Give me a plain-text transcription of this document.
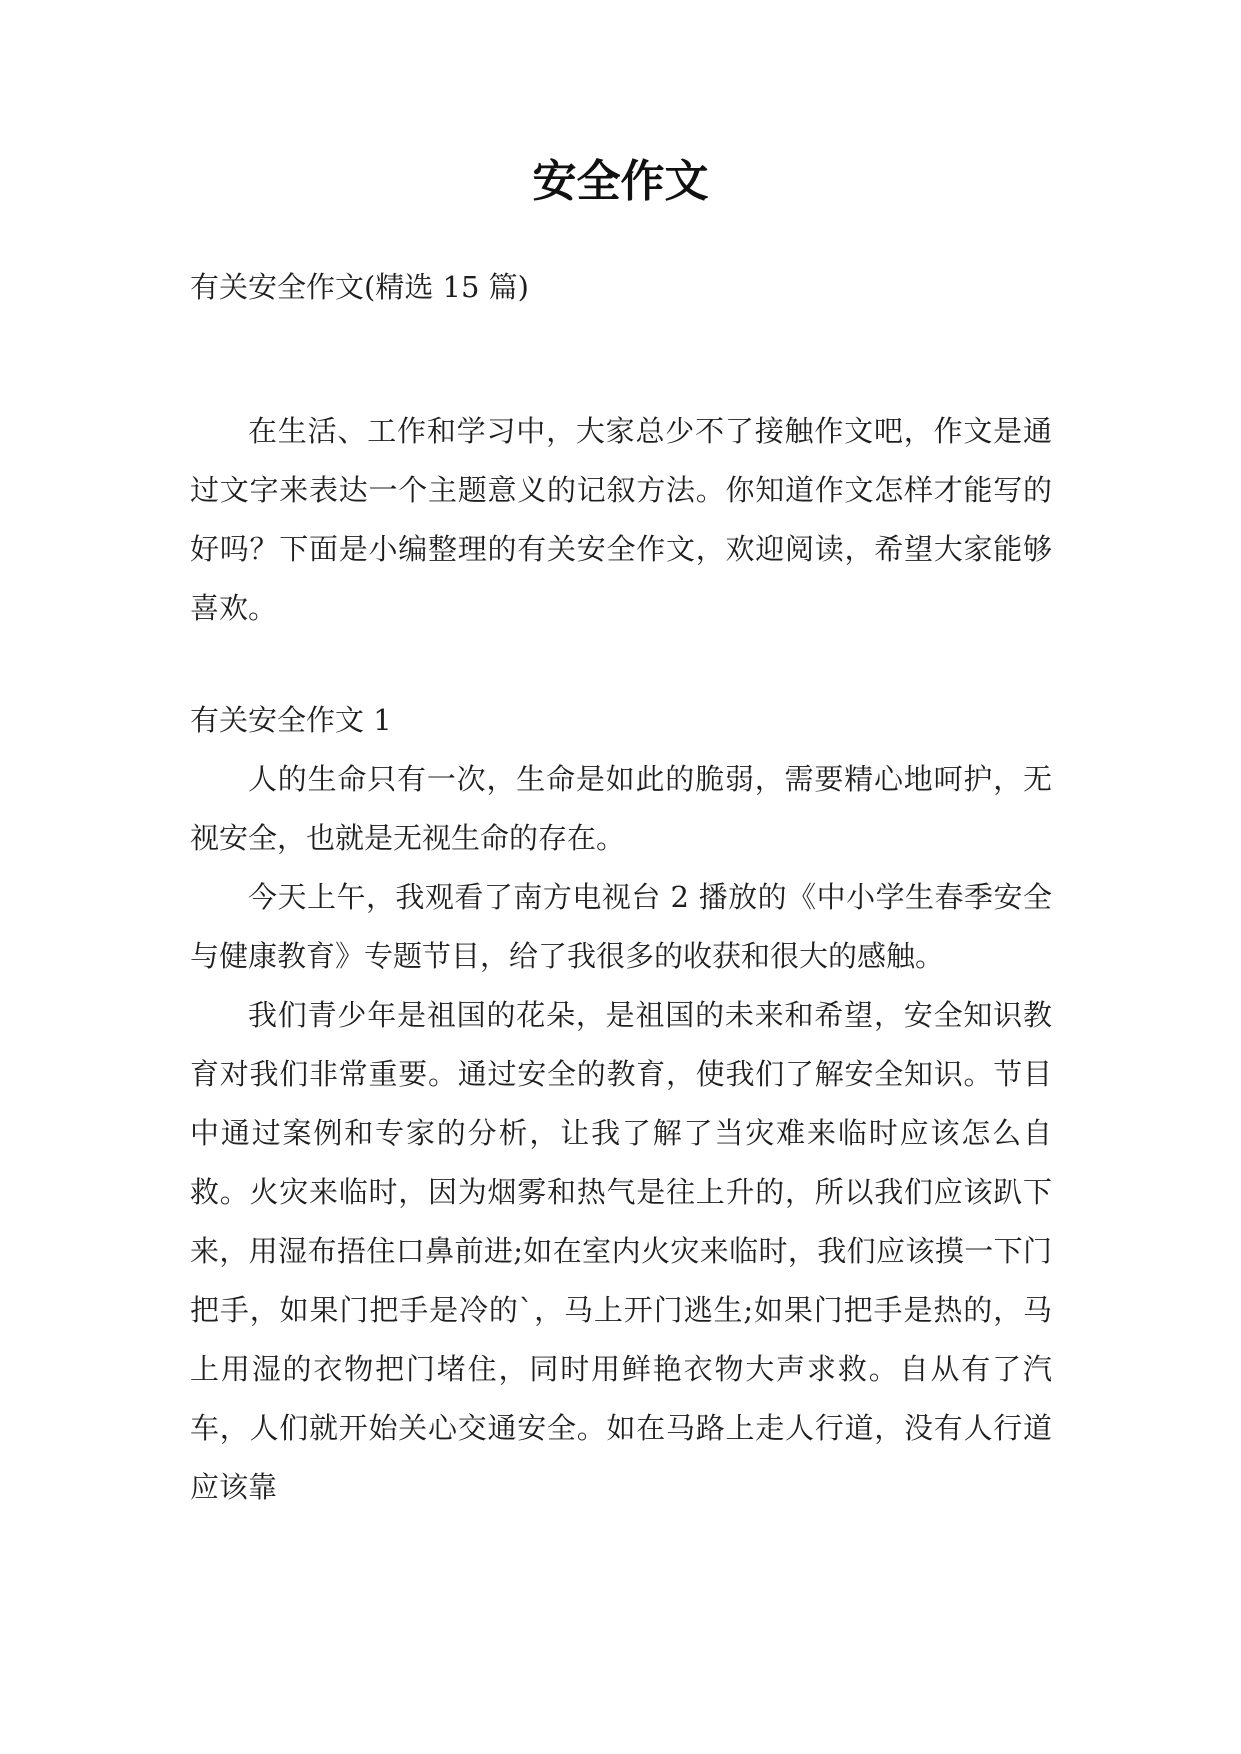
安全作文

有关安全作文(精选 15 篇)

在生活、工作和学习中，大家总少不了接触作文吧，作文是通过文字来表达一个主题意义的记叙方法。你知道作文怎样才能写的好吗？下面是小编整理的有关安全作文，欢迎阅读，希望大家能够喜欢。

有关安全作文 1

人的生命只有一次，生命是如此的脆弱，需要精心地呵护，无视安全，也就是无视生命的存在。

今天上午，我观看了南方电视台 2 播放的《中小学生春季安全与健康教育》专题节目，给了我很多的收获和很大的感触。

我们青少年是祖国的花朵，是祖国的未来和希望，安全知识教育对我们非常重要。通过安全的教育，使我们了解安全知识。节目中通过案例和专家的分析，让我了解了当灾难来临时应该怎么自救。火灾来临时，因为烟雾和热气是往上升的，所以我们应该趴下来，用湿布捂住口鼻前进;如在室内火灾来临时，我们应该摸一下门把手，如果门把手是冷的`，马上开门逃生;如果门把手是热的，马上用湿的衣物把门堵住，同时用鲜艳衣物大声求救。自从有了汽车，人们就开始关心交通安全。如在马路上走人行道，没有人行道应该靠
